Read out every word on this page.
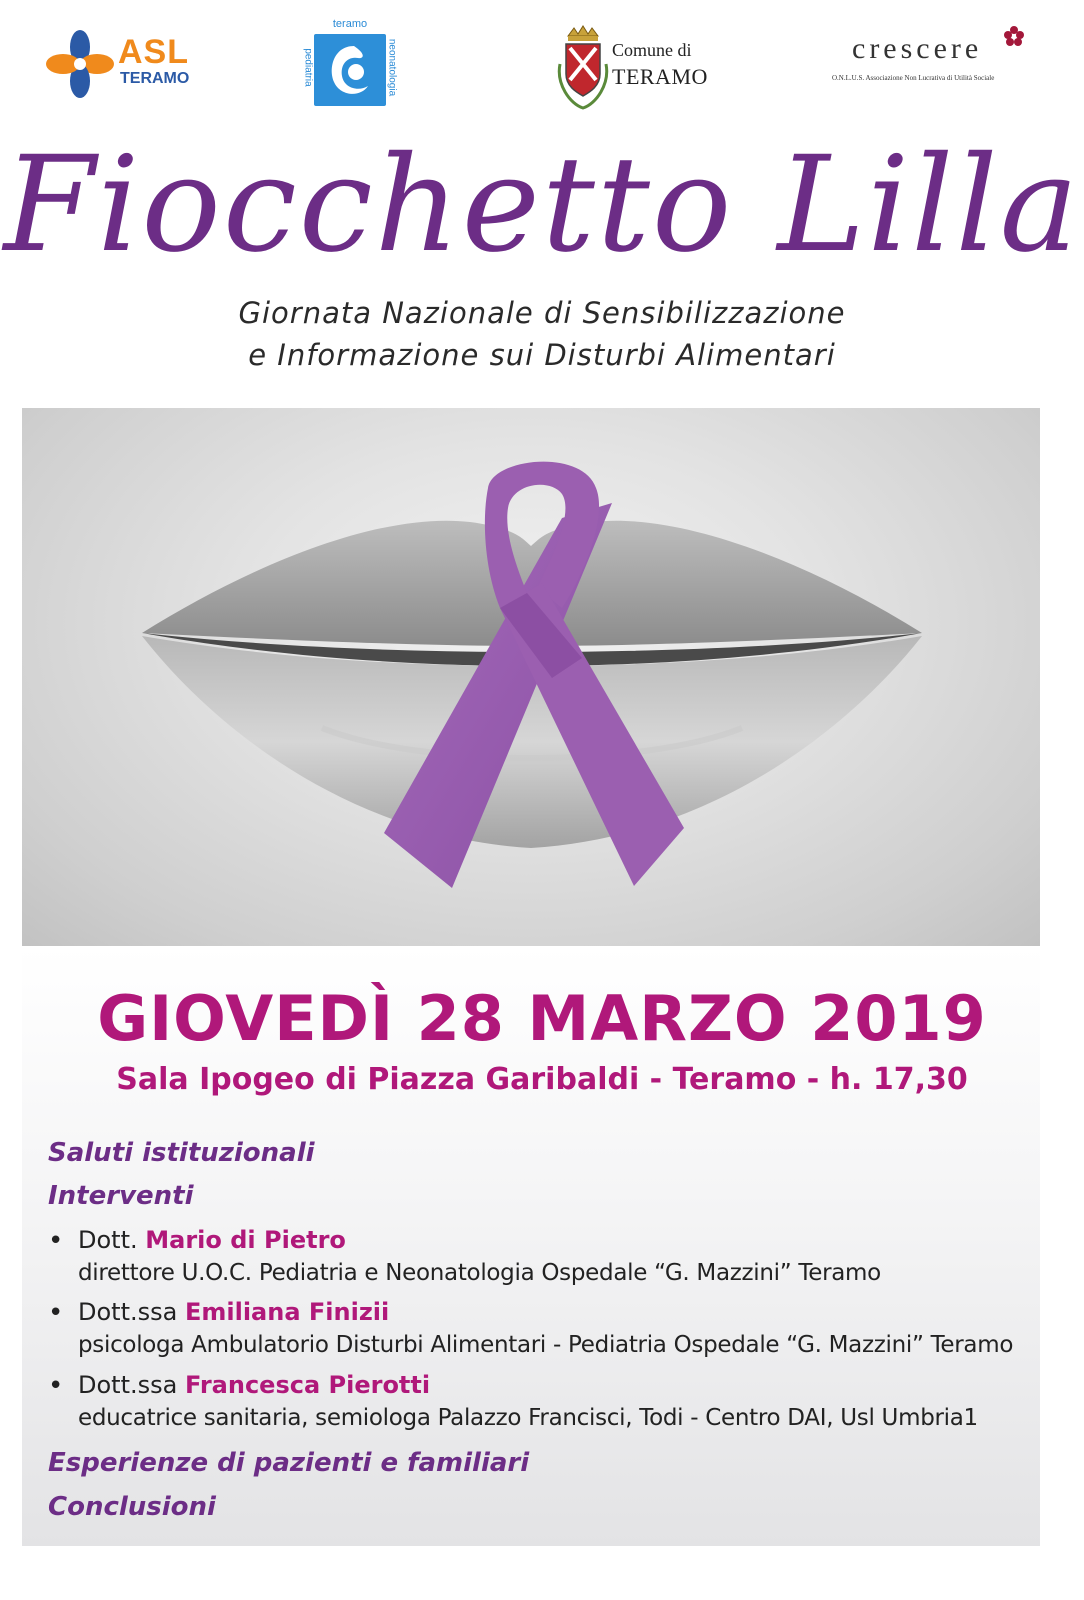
ASL
TERAMO
teramo
pediatria	neonatologia	Comune di
TERAMO
crescere
O.N.L.U.S. Associazione Non Lucrativa di Utilità Sociale
Fiocchetto Lilla
Giornata Nazionale di Sensibilizzazione
e Informazione sui Disturbi Alimentari
GIOVEDÌ 28 MARZO 2019
Sala Ipogeo di Piazza Garibaldi - Teramo - h. 17,30
Saluti istituzionali
Interventi
• Dott. Mario di Pietro
direttore U.O.C. Pediatria e Neonatologia Ospedale “G. Mazzini” Teramo
• Dott.ssa Emiliana Finizii
psicologa Ambulatorio Disturbi Alimentari - Pediatria Ospedale “G. Mazzini” Teramo
• Dott.ssa Francesca Pierotti
educatrice sanitaria, semiologa Palazzo Francisci, Todi - Centro DAI, Usl Umbria1
Esperienze di pazienti e familiari
Conclusioni
